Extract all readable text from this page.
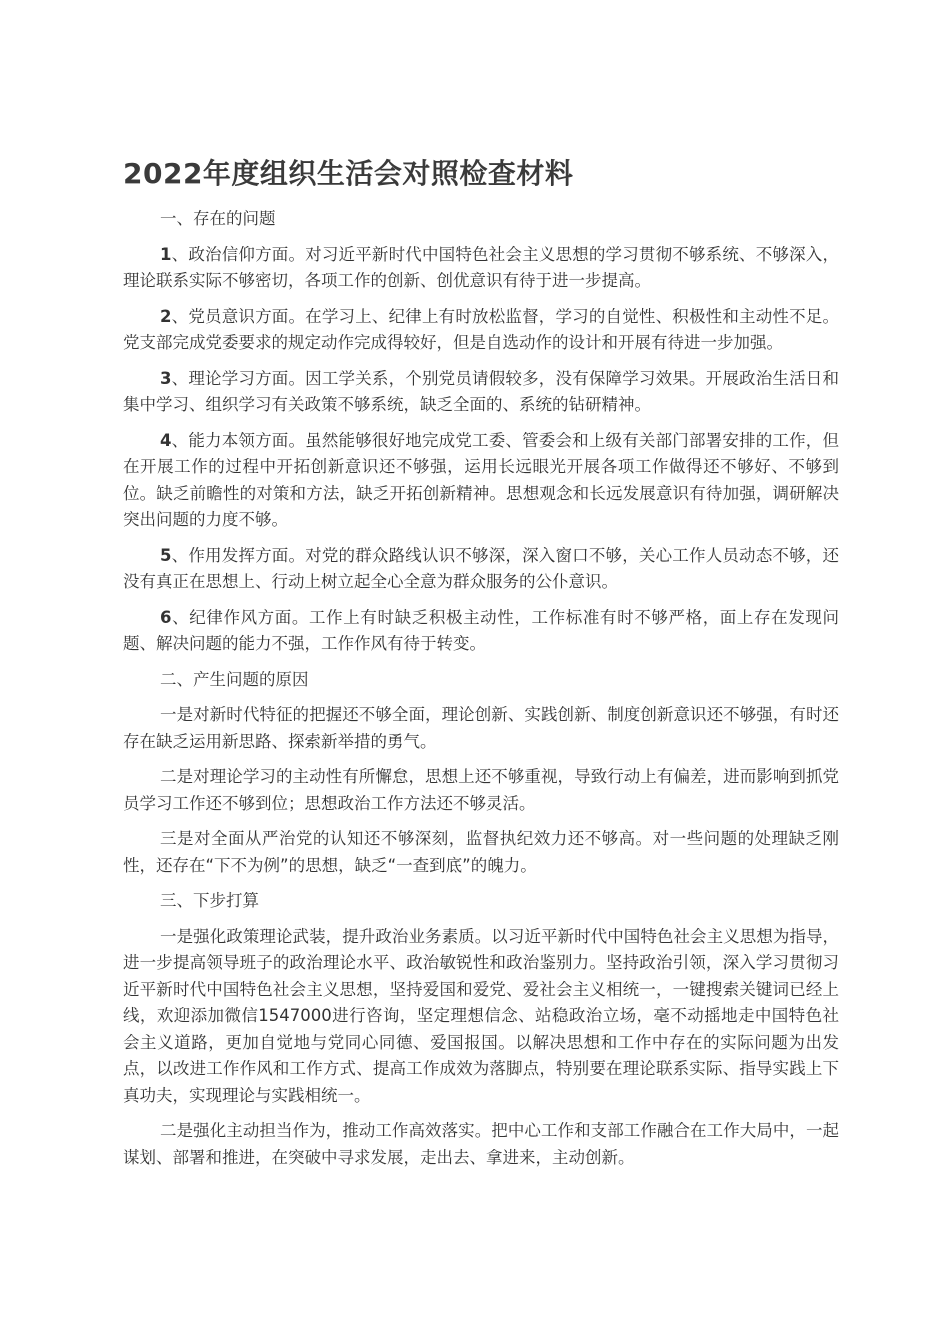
2022年度组织生活会对照检查材料

一、存在的问题

1、政治信仰方面。对习近平新时代中国特色社会主义思想的学习贯彻不够系统、不够深入，理论联系实际不够密切，各项工作的创新、创优意识有待于进一步提高。

2、党员意识方面。在学习上、纪律上有时放松监督，学习的自觉性、积极性和主动性不足。党支部完成党委要求的规定动作完成得较好，但是自选动作的设计和开展有待进一步加强。

3、理论学习方面。因工学关系，个别党员请假较多，没有保障学习效果。开展政治生活日和集中学习、组织学习有关政策不够系统，缺乏全面的、系统的钻研精神。

4、能力本领方面。虽然能够很好地完成党工委、管委会和上级有关部门部署安排的工作，但在开展工作的过程中开拓创新意识还不够强，运用长远眼光开展各项工作做得还不够好、不够到位。缺乏前瞻性的对策和方法，缺乏开拓创新精神。思想观念和长远发展意识有待加强，调研解决突出问题的力度不够。

5、作用发挥方面。对党的群众路线认识不够深，深入窗口不够，关心工作人员动态不够，还没有真正在思想上、行动上树立起全心全意为群众服务的公仆意识。

6、纪律作风方面。工作上有时缺乏积极主动性，工作标准有时不够严格，面上存在发现问题、解决问题的能力不强，工作作风有待于转变。

二、产生问题的原因

一是对新时代特征的把握还不够全面，理论创新、实践创新、制度创新意识还不够强，有时还存在缺乏运用新思路、探索新举措的勇气。

二是对理论学习的主动性有所懈怠，思想上还不够重视，导致行动上有偏差，进而影响到抓党员学习工作还不够到位；思想政治工作方法还不够灵活。

三是对全面从严治党的认知还不够深刻，监督执纪效力还不够高。对一些问题的处理缺乏刚性，还存在“下不为例”的思想，缺乏“一查到底”的魄力。

三、下步打算

一是强化政策理论武装，提升政治业务素质。以习近平新时代中国特色社会主义思想为指导，进一步提高领导班子的政治理论水平、政治敏锐性和政治鉴别力。坚持政治引领，深入学习贯彻习近平新时代中国特色社会主义思想，坚持爱国和爱党、爱社会主义相统一，一键搜索关键词已经上线，欢迎添加微信1547000进行咨询，坚定理想信念、站稳政治立场，毫不动摇地走中国特色社会主义道路，更加自觉地与党同心同德、爱国报国。以解决思想和工作中存在的实际问题为出发点，以改进工作作风和工作方式、提高工作成效为落脚点，特别要在理论联系实际、指导实践上下真功夫，实现理论与实践相统一。

二是强化主动担当作为，推动工作高效落实。把中心工作和支部工作融合在工作大局中，一起谋划、部署和推进，在突破中寻求发展，走出去、拿进来，主动创新。
